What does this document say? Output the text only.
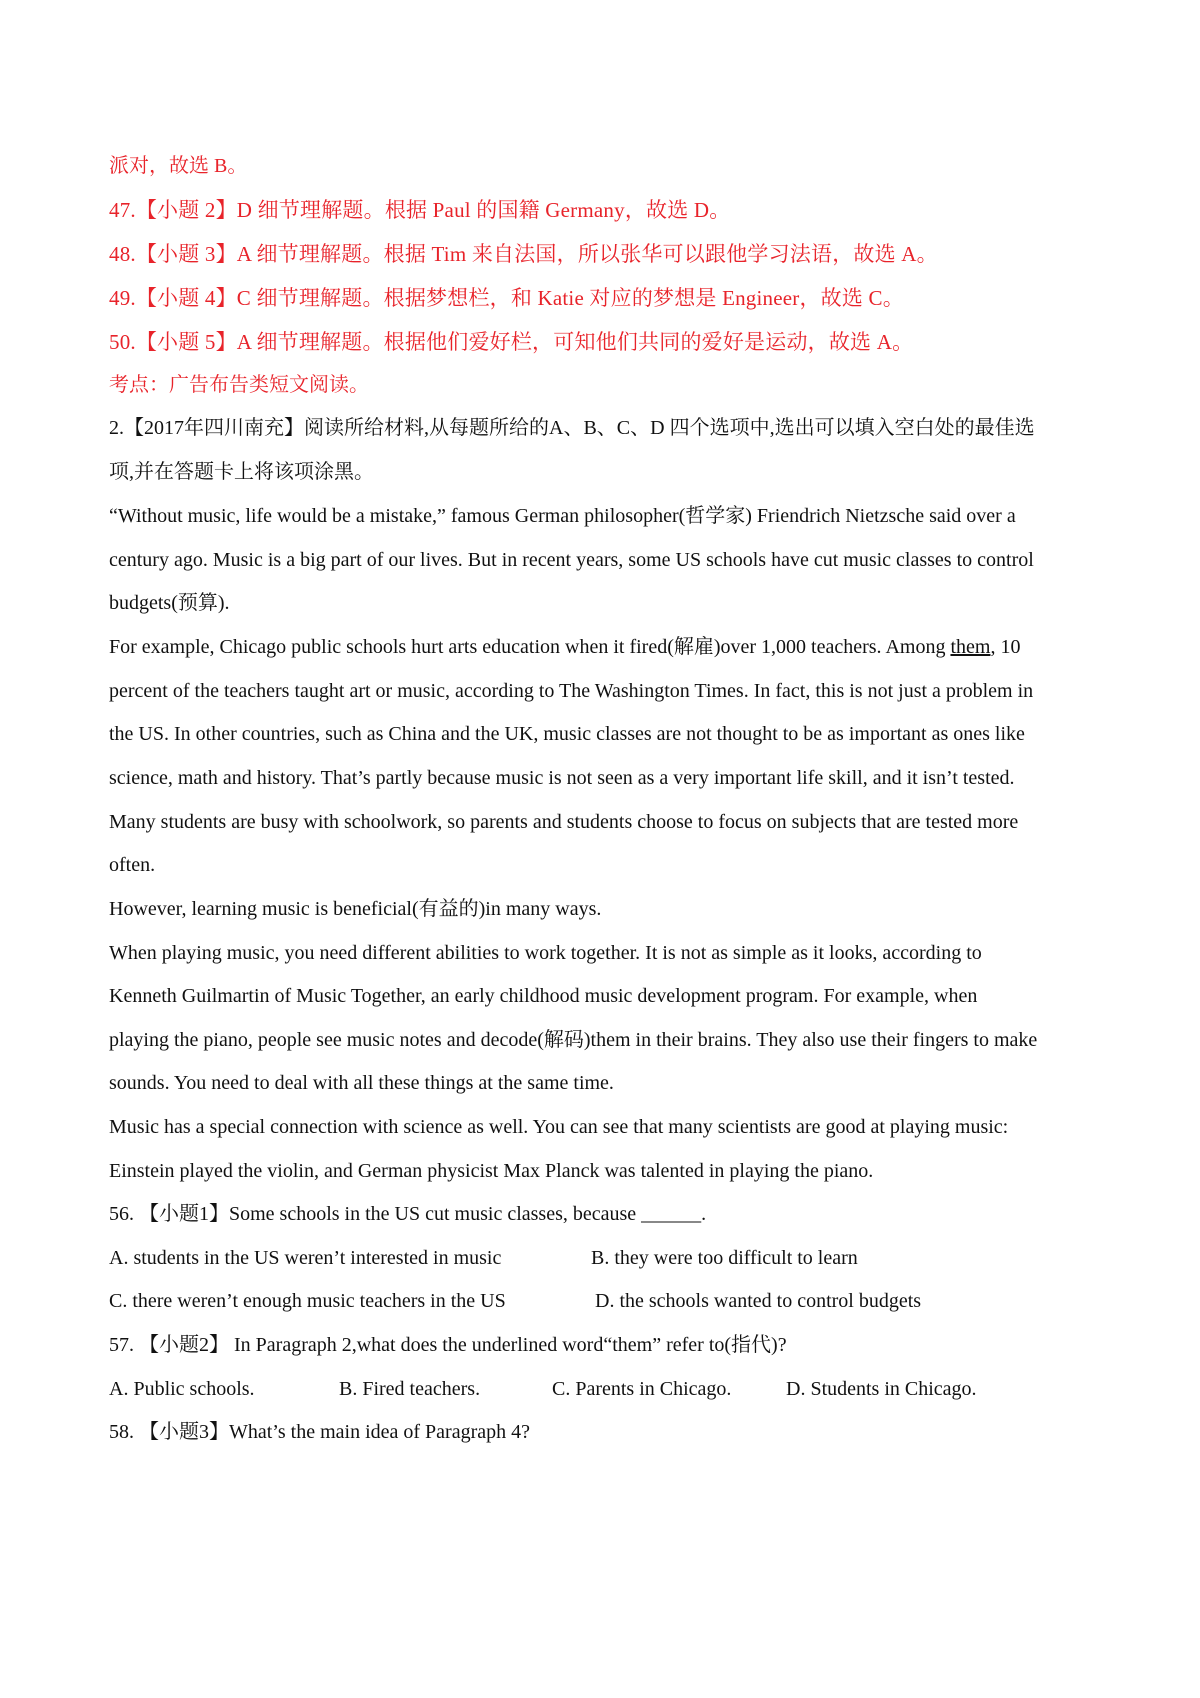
派对，故选 B。
47.【小题 2】D 细节理解题。根据 Paul 的国籍 Germany，故选 D。
48.【小题 3】A 细节理解题。根据 Tim 来自法国，所以张华可以跟他学习法语，故选 A。
49.【小题 4】C 细节理解题。根据梦想栏，和 Katie 对应的梦想是 Engineer，故选 C。
50.【小题 5】A 细节理解题。根据他们爱好栏，可知他们共同的爱好是运动，故选 A。
考点：广告布告类短文阅读。
2.【2017年四川南充】阅读所给材料,从每题所给的A、B、C、D 四个选项中,选出可以填入空白处的最佳选
项,并在答题卡上将该项涂黑。
“Without music, life would be a mistake,” famous German philosopher(哲学家) Friendrich Nietzsche said over a
century ago. Music is a big part of our lives. But in recent years, some US schools have cut music classes to control
budgets(预算).
For example, Chicago public schools hurt arts education when it fired(解雇)over 1,000 teachers. Among them, 10
percent of the teachers taught art or music, according to The Washington Times. In fact, this is not just a problem in
the US. In other countries, such as China and the UK, music classes are not thought to be as important as ones like
science, math and history. That’s partly because music is not seen as a very important life skill, and it isn’t tested.
Many students are busy with schoolwork, so parents and students choose to focus on subjects that are tested more
often.
However, learning music is beneficial(有益的)in many ways.
When playing music, you need different abilities to work together. It is not as simple as it looks, according to
Kenneth Guilmartin of Music Together, an early childhood music development program. For example, when
playing the piano, people see music notes and decode(解码)them in their brains. They also use their fingers to make
sounds. You need to deal with all these things at the same time.
Music has a special connection with science as well. You can see that many scientists are good at playing music:
Einstein played the violin, and German physicist Max Planck was talented in playing the piano.
56. 【小题1】Some schools in the US cut music classes, because ______.
A. students in the US weren’t interested in music	B. they were too difficult to learn
C. there weren’t enough music teachers in the US	D. the schools wanted to control budgets
57. 【小题2】 In Paragraph 2,what does the underlined word“them” refer to(指代)?
A. Public schools.	B. Fired teachers.	C. Parents in Chicago.	D. Students in Chicago.
58. 【小题3】What’s the main idea of Paragraph 4?
